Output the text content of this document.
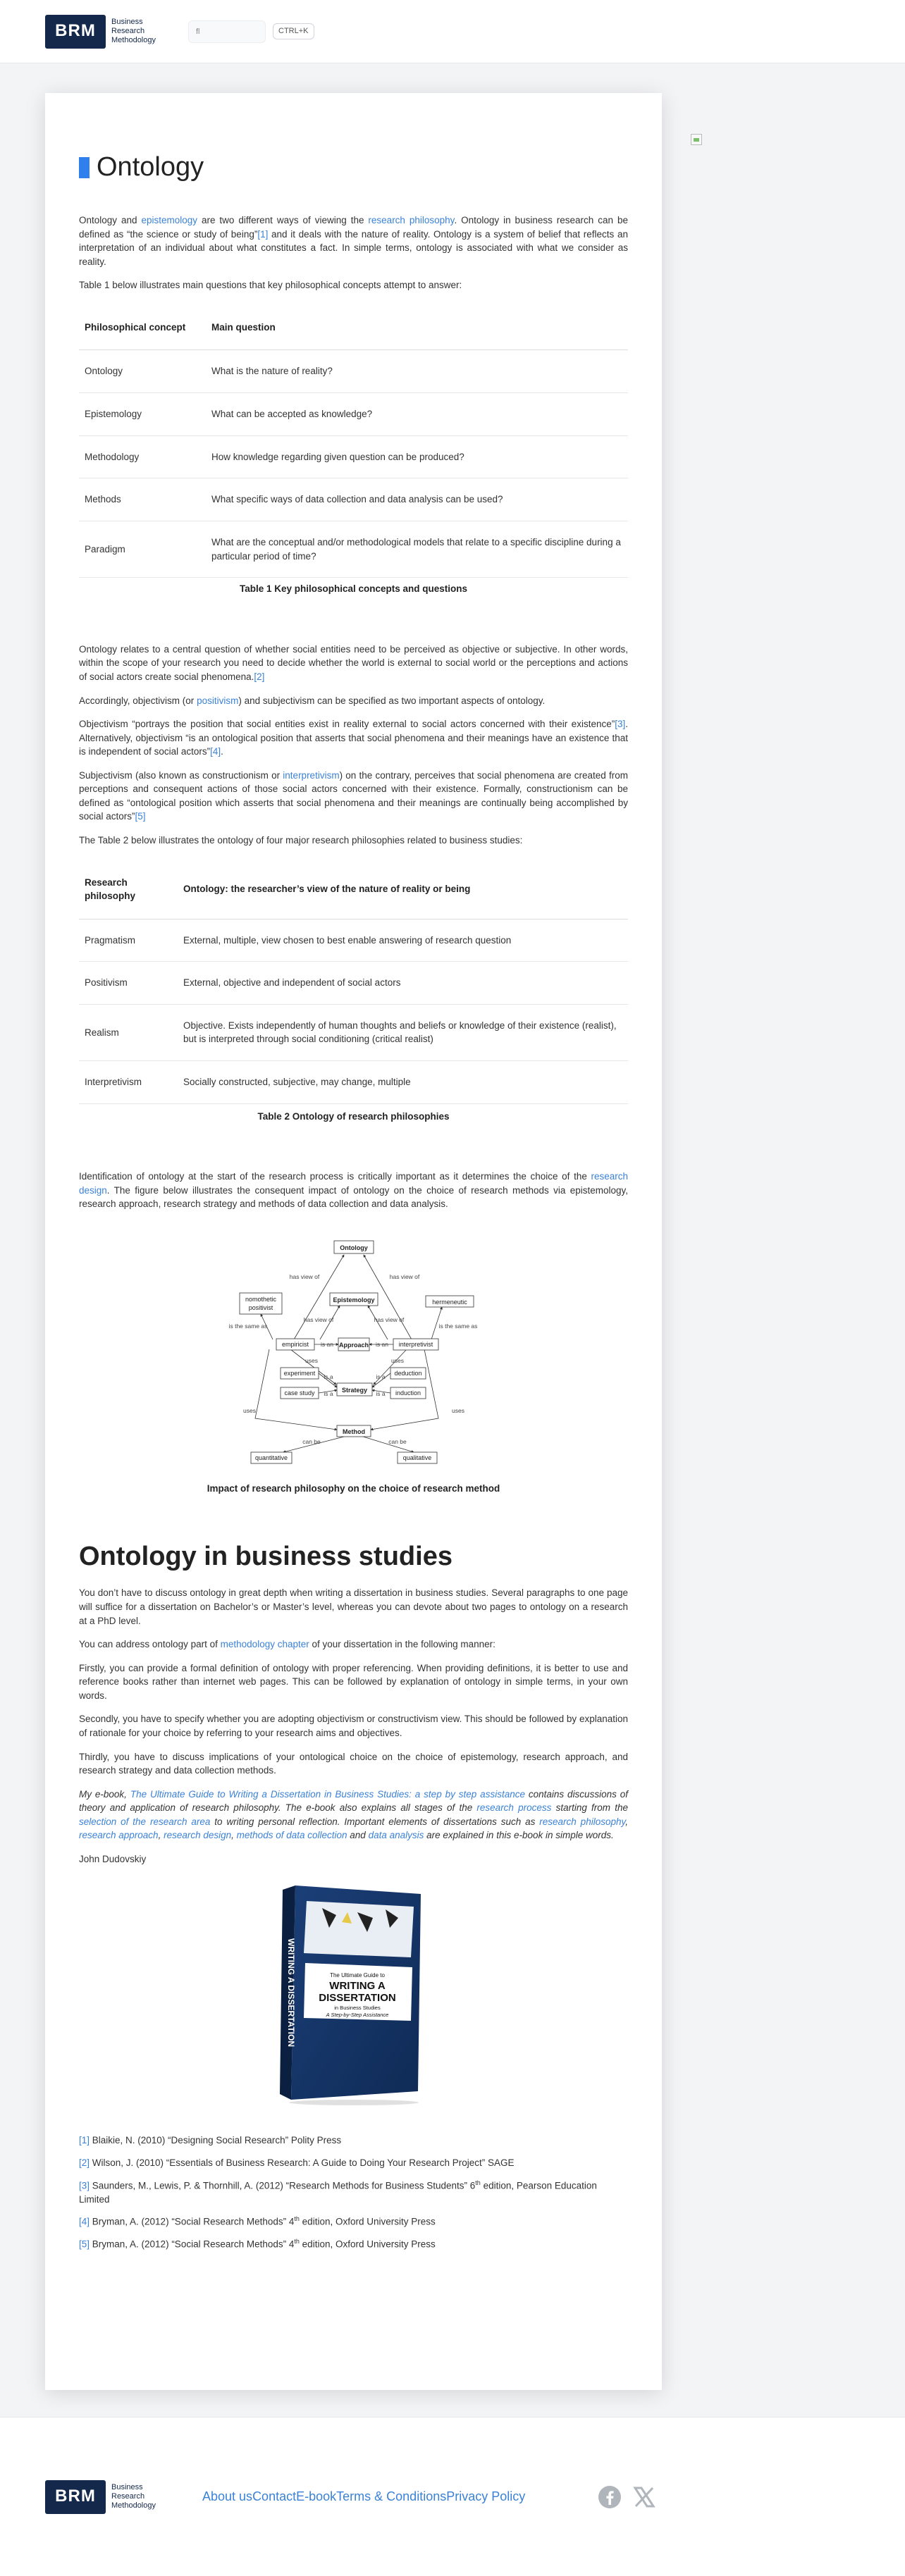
BRM	Business
Research
Methodology
fl
CTRL+K
Ontology

Ontology and epistemology are two different ways of viewing the research philosophy. Ontology in business research can be defined as “the science or study of being”[1] and it deals with the nature of reality. Ontology is a system of belief that reflects an interpretation of an individual about what constitutes a fact. In simple terms, ontology is associated with what we consider as reality.

Table 1 below illustrates main questions that key philosophical concepts attempt to answer:

Philosophical concept	Main question
Ontology	What is the nature of reality?
Epistemology	What can be accepted as knowledge?
Methodology	How knowledge regarding given question can be produced?
Methods	What specific ways of data collection and data analysis can be used?
Paradigm	What are the conceptual and/or methodological models that relate to a specific discipline during a particular period of time?
Table 1 Key philosophical concepts and questions

Ontology relates to a central question of whether social entities need to be perceived as objective or subjective. In other words, within the scope of your research you need to decide whether the world is external to social world or the perceptions and actions of social actors create social phenomena.[2]

Accordingly, objectivism (or positivism) and subjectivism can be specified as two important aspects of ontology.

Objectivism “portrays the position that social entities exist in reality external to social actors concerned with their existence”[3]. Alternatively, objectivism “is an ontological position that asserts that social phenomena and their meanings have an existence that is independent of social actors”[4].

Subjectivism (also known as constructionism or interpretivism) on the contrary, perceives that social phenomena are created from perceptions and consequent actions of those social actors concerned with their existence. Formally, constructionism can be defined as “ontological position which asserts that social phenomena and their meanings are continually being accomplished by social actors”[5]

The Table 2 below illustrates the ontology of four major research philosophies related to business studies:

Research philosophy	Ontology: the researcher’s view of the nature of reality or being
Pragmatism	External, multiple, view chosen to best enable answering of research question
Positivism	External, objective and independent of social actors
Realism	Objective. Exists independently of human thoughts and beliefs or knowledge of their existence (realist), but is interpreted through social conditioning (critical realist)
Interpretivism	Socially constructed, subjective, may change, multiple
Table 2 Ontology of research philosophies

Identification of ontology at the start of the research process is critically important as it determines the choice of the research design. The figure below illustrates the consequent impact of ontology on the choice of research methods via epistemology, research approach, research strategy and methods of data collection and data analysis.

Ontology
Epistemology
nomothetic
positivist
hermeneutic
empiricist	Approach	interpretivist
experiment
case study	Strategy
deduction
induction
Method
quantitative	qualitative
has view of	has view of
has view of	has view of
is the same as	is the same as
is an	is an
uses	uses
is a
is a
is a
is a
uses	uses
can be	can be
Impact of research philosophy on the choice of research method
Ontology in business studies

You don’t have to discuss ontology in great depth when writing a dissertation in business studies. Several paragraphs to one page will suffice for a dissertation on Bachelor’s or Master’s level, whereas you can devote about two pages to ontology on a research at a PhD level.

You can address ontology part of methodology chapter of your dissertation in the following manner:

Firstly, you can provide a formal definition of ontology with proper referencing. When providing definitions, it is better to use and reference books rather than internet web pages. This can be followed by explanation of ontology in simple terms, in your own words.

Secondly, you have to specify whether you are adopting objectivism or constructivism view. This should be followed by explanation of rationale for your choice by referring to your research aims and objectives.

Thirdly, you have to discuss implications of your ontological choice on the choice of epistemology, research approach, and research strategy and data collection methods.

My e-book, The Ultimate Guide to Writing a Dissertation in Business Studies: a step by step assistance contains discussions of theory and application of research philosophy. The e-book also explains all stages of the research process starting from the selection of the research area to writing personal reflection. Important elements of dissertations such as research philosophy, research approach, research design, methods of data collection and data analysis are explained in this e-book in simple words.

John Dudovskiy

WRITING A DISSERTATION	The Ultimate Guide to
WRITING A
DISSERTATION
in Business Studies
A Step-by-Step Assistance

[1] Blaikie, N. (2010) “Designing Social Research” Polity Press

[2] Wilson, J. (2010) “Essentials of Business Research: A Guide to Doing Your Research Project” SAGE

[3] Saunders, M., Lewis, P. & Thornhill, A. (2012) “Research Methods for Business Students” 6th edition, Pearson Education Limited

[4] Bryman, A. (2012) “Social Research Methods” 4th edition, Oxford University Press

[5] Bryman, A. (2012) “Social Research Methods” 4th edition, Oxford University Press

BRM	Business
Research
Methodology
About us Contact E-book Terms & Conditions Privacy Policy
